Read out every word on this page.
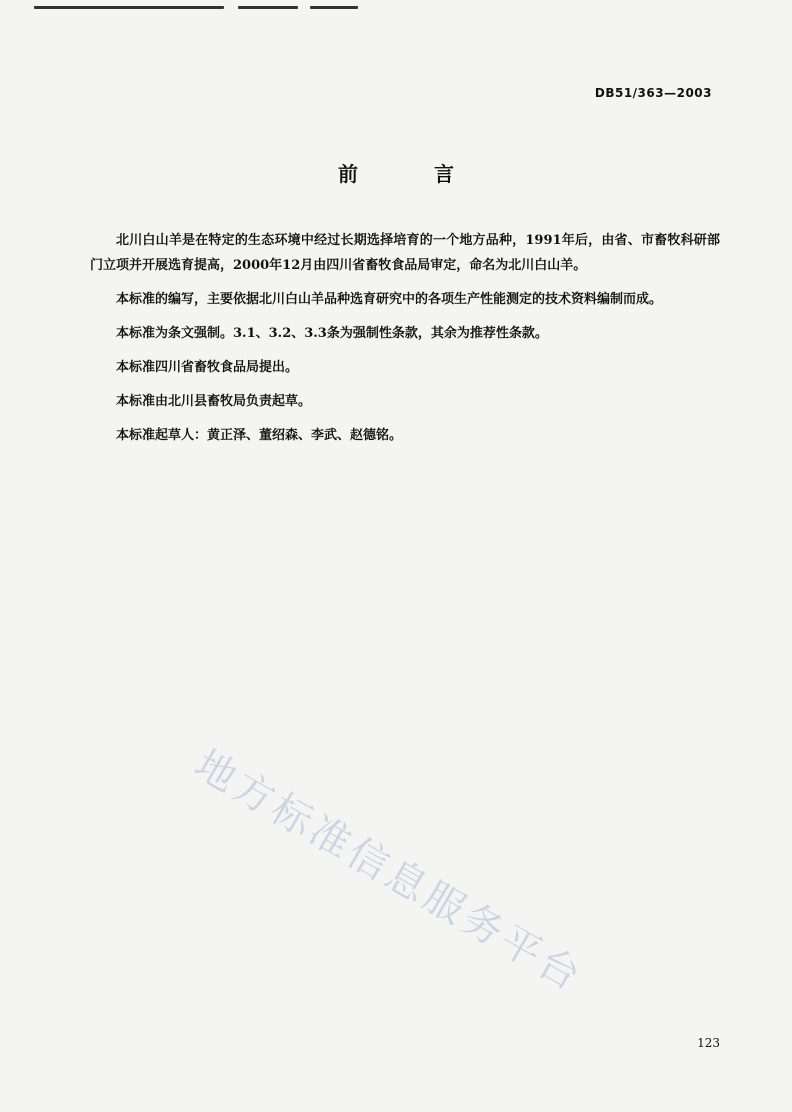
DB51/363—2003
前　言

北川白山羊是在特定的生态环境中经过长期选择培育的一个地方品种，1991年后，由省、市畜牧科研部门立项并开展选育提高，2000年12月由四川省畜牧食品局审定，命名为北川白山羊。

本标准的编写，主要依据北川白山羊品种选育研究中的各项生产性能测定的技术资料编制而成。

本标准为条文强制。3.1、3.2、3.3条为强制性条款，其余为推荐性条款。

本标准四川省畜牧食品局提出。

本标准由北川县畜牧局负责起草。

本标准起草人：黄正泽、董绍森、李武、赵德铭。

地方标准信息服务平台
123
